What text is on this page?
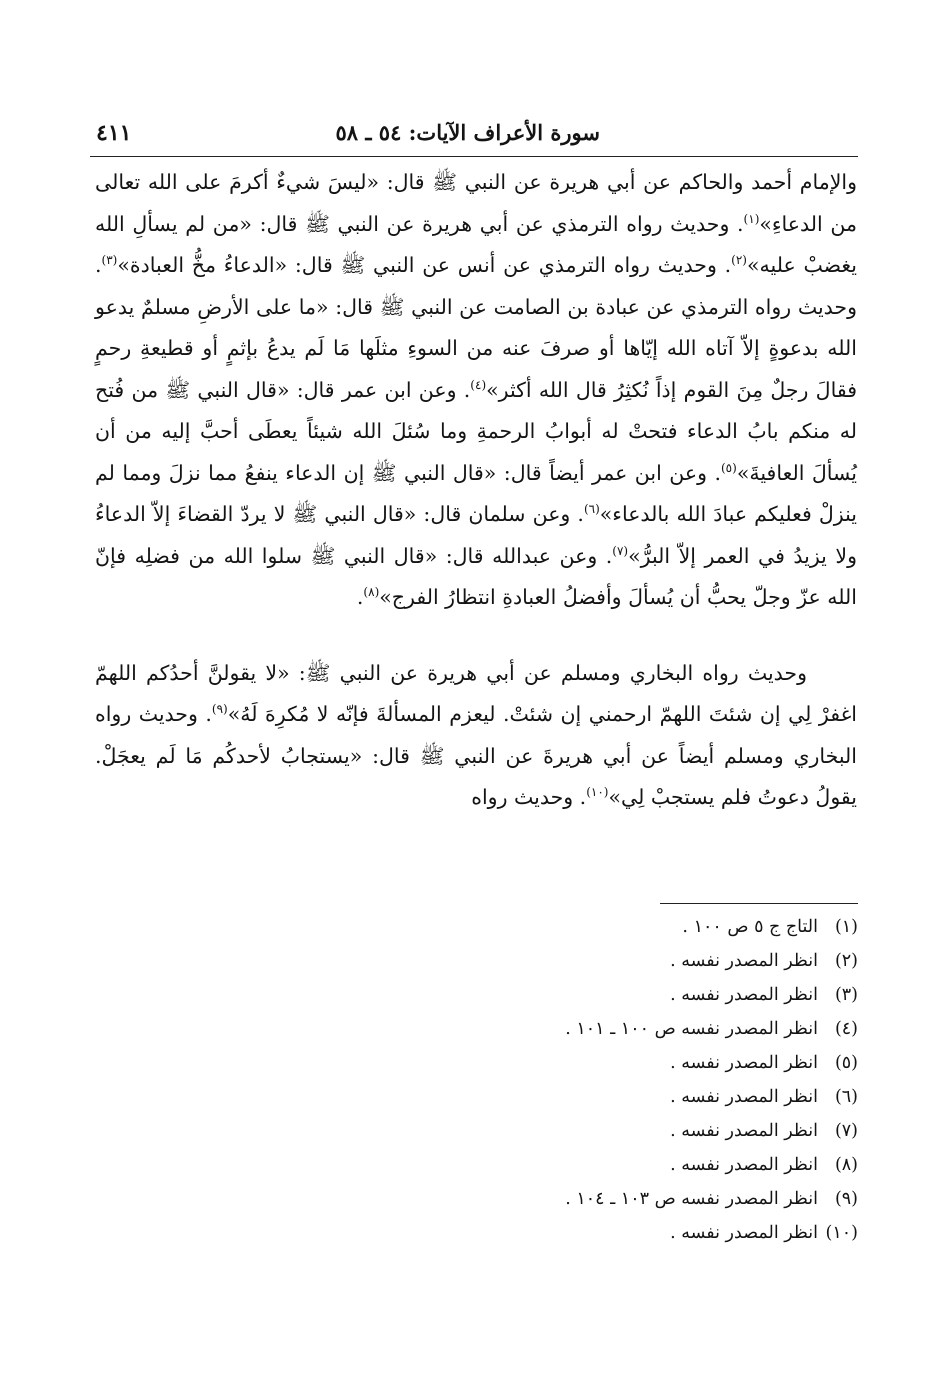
سورة الأعراف الآيات: ٥٤ ـ ٥٨
٤١١

والإمام أحمد والحاكم عن أبي هريرة عن النبي ﷺ قال: «ليسَ شيءٌ أكرمَ على الله تعالى من الدعاءِ»$^{(١)}$. وحديث رواه الترمذي عن أبي هريرة عن النبي ﷺ قال: «من لم يسألِ الله يغضبْ عليه»$^{(٢)}$. وحديث رواه الترمذي عن أنس عن النبي ﷺ قال: «الدعاءُ مخُّ العبادة»$^{(٣)}$. وحديث رواه الترمذي عن عبادة بن الصامت عن النبي ﷺ قال: «ما على الأرضِ مسلمٌ يدعو الله بدعوةٍ إلاّ آتاه الله إيّاها أو صرفَ عنه من السوءِ مثلَها مَا لَم يدعُ بإثمٍ أو قطيعةِ رحمٍ فقالَ رجلٌ مِنَ القوم إذاً نُكثِرُ قال الله أكثر»$^{(٤)}$. وعن ابن عمر قال: «قال النبي ﷺ من فُتح له منكم بابُ الدعاء فتحتْ له أبوابُ الرحمةِ وما سُئلَ الله شيئاً يعطَى أحبَّ إليه من أن يُسألَ العافيةَ»$^{(٥)}$. وعن ابن عمر أيضاً قال: «قال النبي ﷺ إن الدعاء ينفعُ مما نزلَ ومما لم ينزلْ فعليكم عبادَ الله بالدعاء»$^{(٦)}$. وعن سلمان قال: «قال النبي ﷺ لا يردّ القضاءَ إلاّ الدعاءُ ولا يزيدُ في العمر إلاّ البرُّ»$^{(٧)}$. وعن عبدالله قال: «قال النبي ﷺ سلوا الله من فضلِه فإنّ الله عزّ وجلّ يحبُّ أن يُسألَ وأفضلُ العبادةِ انتظارُ الفرج»$^{(٨)}$.

وحديث رواه البخاري ومسلم عن أبي هريرة عن النبي ﷺ: «لا يقولنَّ أحدُكم اللهمّ اغفرْ لِي إن شئتَ اللهمّ ارحمني إن شئتْ. ليعزم المسألةَ فإنّه لا مُكرِهَ لَهُ»$^{(٩)}$. وحديث رواه البخاري ومسلم أيضاً عن أبي هريرةَ عن النبي ﷺ قال: «يستجابُ لأحدكُم مَا لَم يعجَلْ. يقولُ دعوتُ فلم يستجبْ لِي»$^{(١٠)}$. وحديث رواه

(١)التاج ج ٥ ص ١٠٠ .
(٢)انظر المصدر نفسه .
(٣)انظر المصدر نفسه .
(٤)انظر المصدر نفسه ص ١٠٠ ـ ١٠١ .
(٥)انظر المصدر نفسه .
(٦)انظر المصدر نفسه .
(٧)انظر المصدر نفسه .
(٨)انظر المصدر نفسه .
(٩)انظر المصدر نفسه ص ١٠٣ ـ ١٠٤ .
(١٠)انظر المصدر نفسه .
